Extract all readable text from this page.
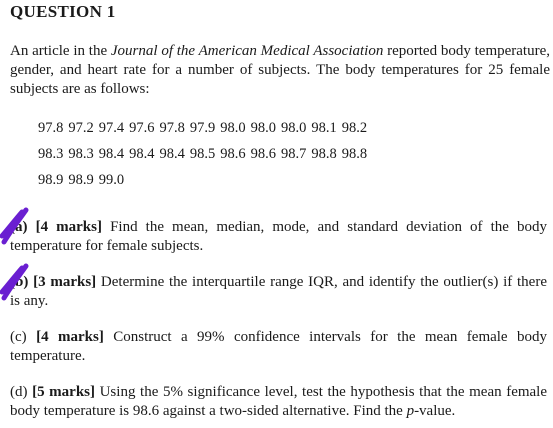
QUESTION 1
An article in the Journal of the American Medical Association reported body temperature, gender, and heart rate for a number of subjects. The body temperatures for 25 female subjects are as follows:
97.8 97.2 97.4 97.6 97.8 97.9 98.0 98.0 98.0 98.1 98.2
98.3 98.3 98.4 98.4 98.4 98.5 98.6 98.6 98.7 98.8 98.8
98.9 98.9 99.0
(a) [4 marks] Find the mean, median, mode, and standard deviation of the body temperature for female subjects.
(b) [3 marks] Determine the interquartile range IQR, and identify the outlier(s) if there is any.
(c) [4 marks] Construct a 99% confidence intervals for the mean female body temperature.
(d) [5 marks] Using the 5% significance level, test the hypothesis that the mean female body temperature is 98.6 against a two-sided alternative. Find the p-value.
